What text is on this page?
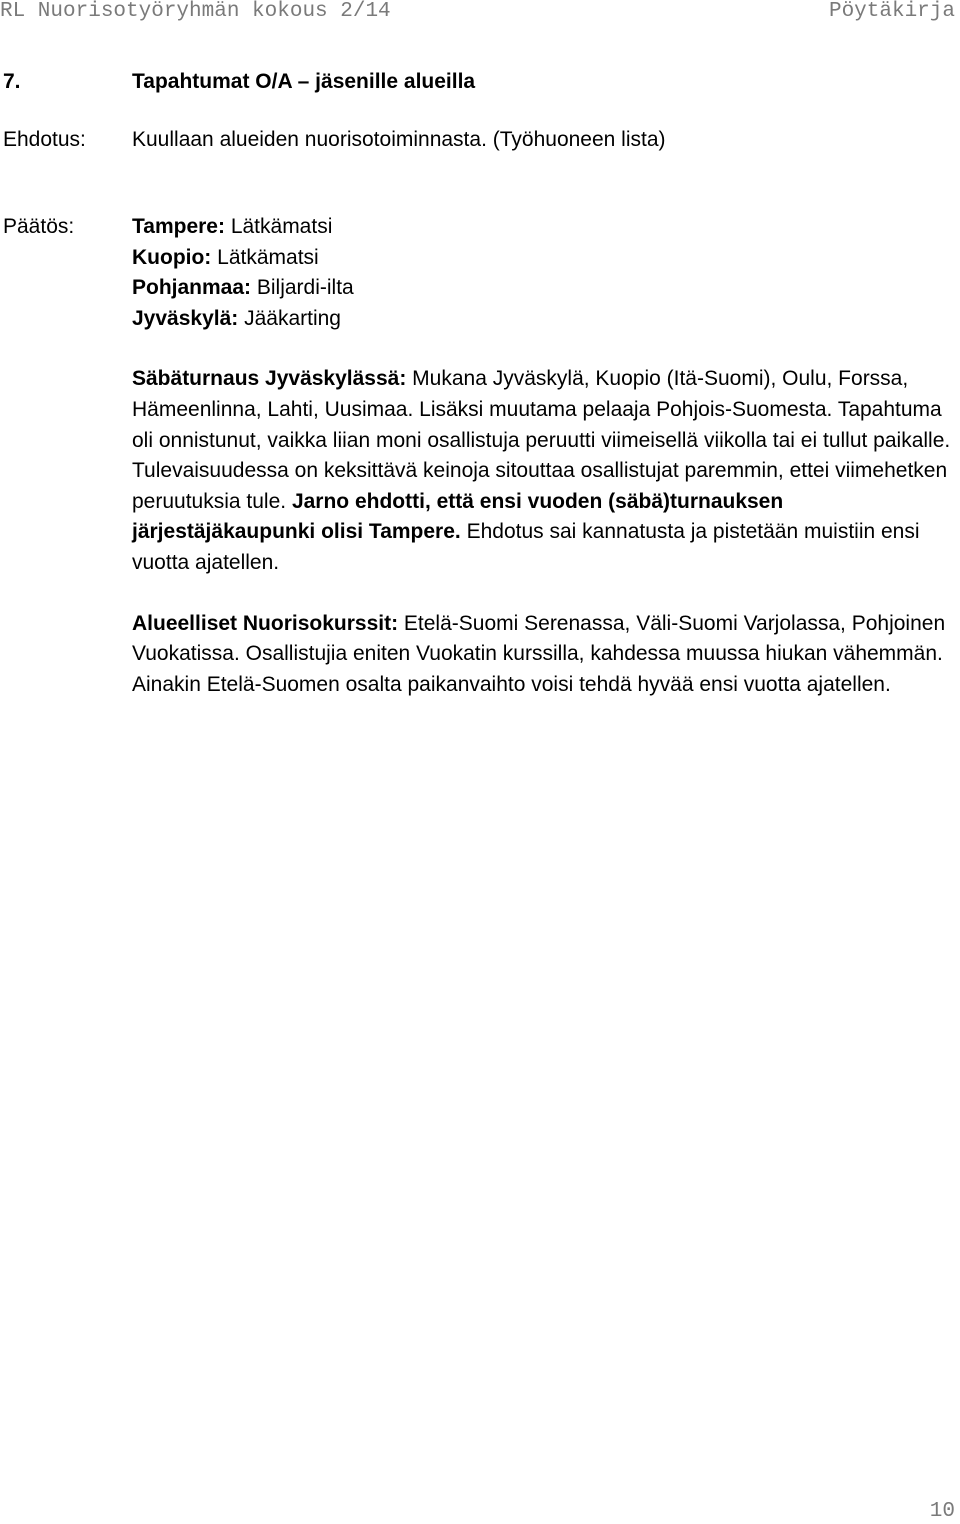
RL Nuorisotyöryhmän kokous 2/14	Pöytäkirja
7.	Tapahtumat O/A – jäsenille alueilla
Ehdotus: Kuullaan alueiden nuorisotoiminnasta. (Työhuoneen lista)
Päätös:	Tampere: Lätkämatsi
Kuopio: Lätkämatsi
Pohjanmaa: Biljardi-ilta
Jyväskylä: Jääkarting
Säbäturnaus Jyväskylässä: Mukana Jyväskylä, Kuopio (Itä-Suomi), Oulu, Forssa, Hämeenlinna, Lahti, Uusimaa. Lisäksi muutama pelaaja Pohjois-Suomesta. Tapahtuma oli onnistunut, vaikka liian moni osallistuja peruutti viimeisellä viikolla tai ei tullut paikalle. Tulevaisuudessa on keksittävä keinoja sitouttaa osallistujat paremmin, ettei viimehetken peruutuksia tule. Jarno ehdotti, että ensi vuoden (säbä)turnauksen järjestäjäkaupunki olisi Tampere. Ehdotus sai kannatusta ja pistetään muistiin ensi vuotta ajatellen.
Alueelliset Nuorisokurssit: Etelä-Suomi Serenassa, Väli-Suomi Varjolassa, Pohjoinen Vuokatissa. Osallistujia eniten Vuokatin kurssilla, kahdessa muussa hiukan vähemmän. Ainakin Etelä-Suomen osalta paikanvaihto voisi tehdä hyvää ensi vuotta ajatellen.
10
